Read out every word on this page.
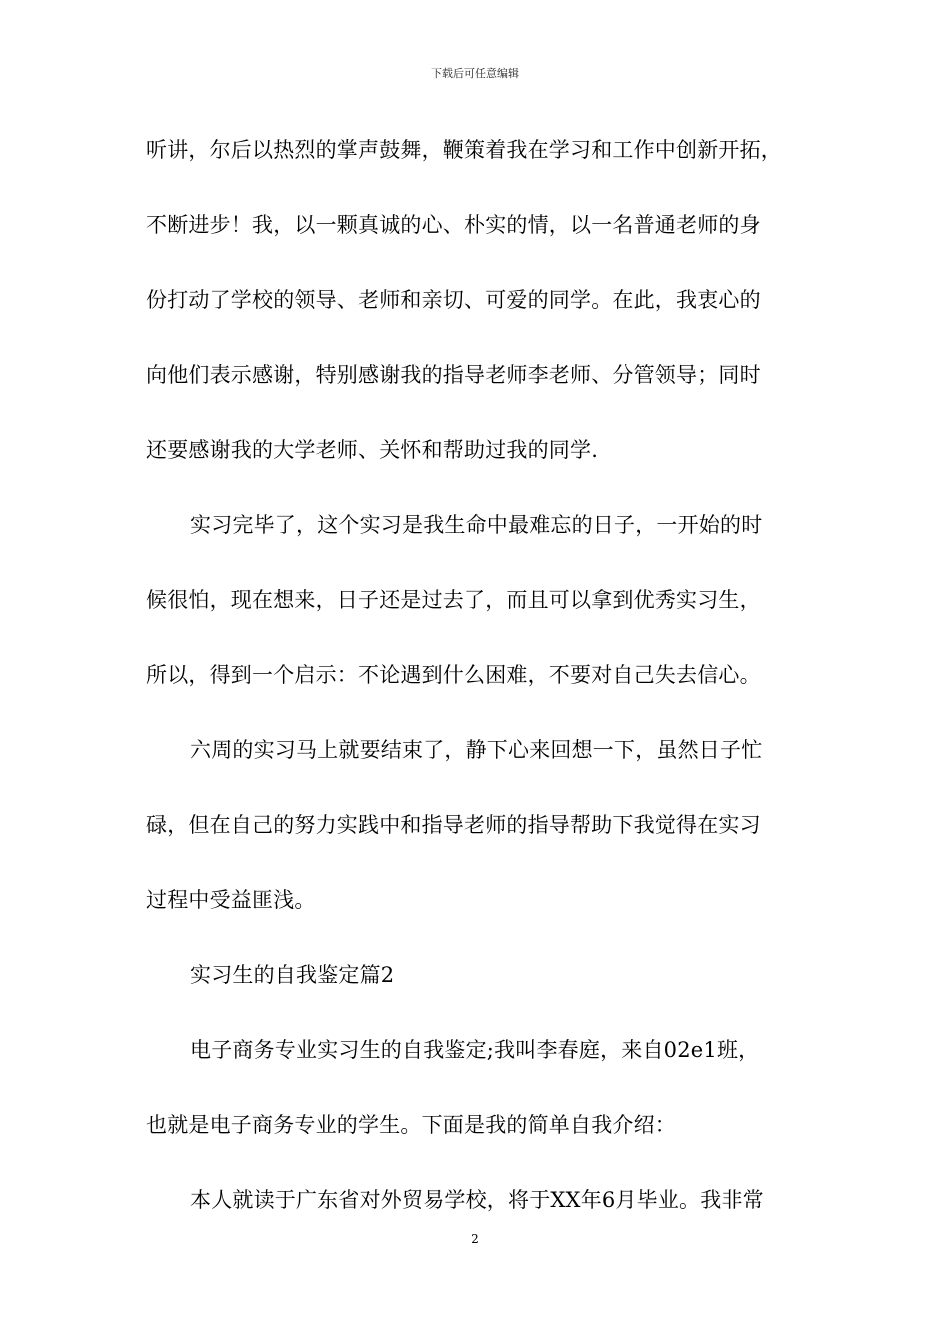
下载后可任意编辑
听讲，尔后以热烈的掌声鼓舞，鞭策着我在学习和工作中创新开拓，
不断进步！我，以一颗真诚的心、朴实的情，以一名普通老师的身
份打动了学校的领导、老师和亲切、可爱的同学。在此，我衷心的
向他们表示感谢，特别感谢我的指导老师李老师、分管领导；同时
还要感谢我的大学老师、关怀和帮助过我的同学.
实习完毕了，这个实习是我生命中最难忘的日子，一开始的时
候很怕，现在想来，日子还是过去了，而且可以拿到优秀实习生，
所以，得到一个启示：不论遇到什么困难，不要对自己失去信心。
六周的实习马上就要结束了，静下心来回想一下，虽然日子忙
碌，但在自己的努力实践中和指导老师的指导帮助下我觉得在实习
过程中受益匪浅。
实习生的自我鉴定篇2
电子商务专业实习生的自我鉴定;我叫李春庭，来自02e1班，
也就是电子商务专业的学生。下面是我的简单自我介绍：
本人就读于广东省对外贸易学校，将于XX年6月毕业。我非常
2
